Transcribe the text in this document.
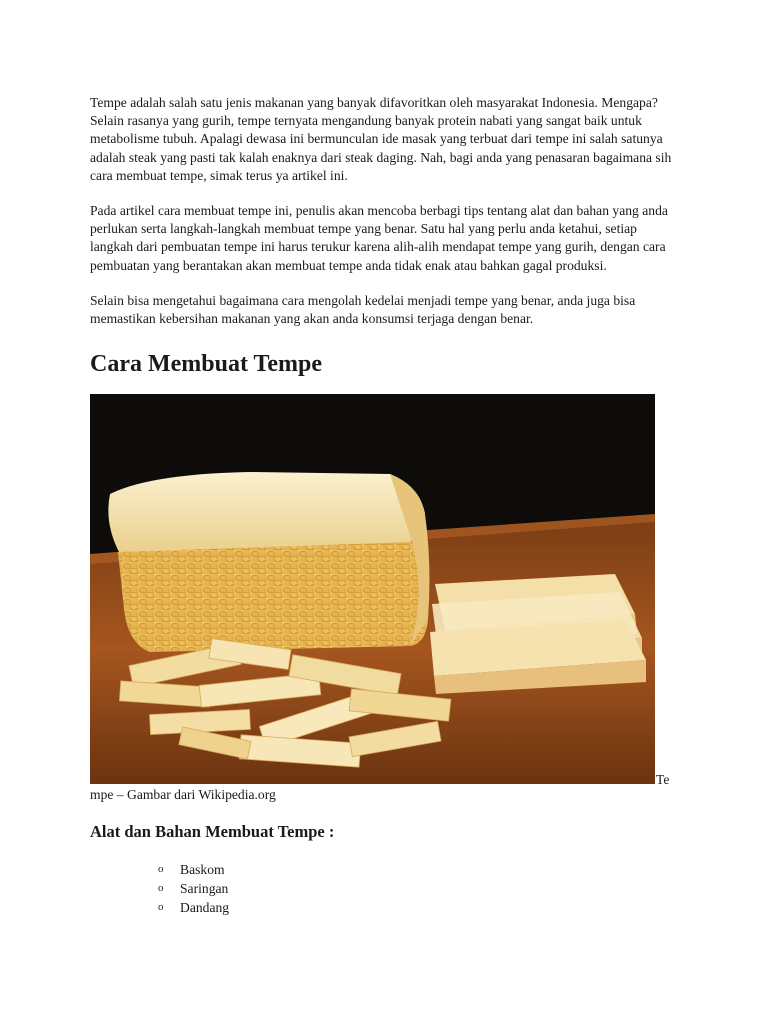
Tempe adalah salah satu jenis makanan yang banyak difavoritkan oleh masyarakat Indonesia. Mengapa? Selain rasanya yang gurih, tempe ternyata mengandung banyak protein nabati yang sangat baik untuk metabolisme tubuh. Apalagi dewasa ini bermunculan ide masak yang terbuat dari tempe ini salah satunya adalah steak yang pasti tak kalah enaknya dari steak daging. Nah, bagi anda yang penasaran bagaimana sih cara membuat tempe, simak terus ya artikel ini.

Pada artikel cara membuat tempe ini, penulis akan mencoba berbagi tips tentang alat dan bahan yang anda perlukan serta langkah-langkah membuat tempe yang benar. Satu hal yang perlu anda ketahui, setiap langkah dari pembuatan tempe ini harus terukur karena alih-alih mendapat tempe yang gurih, dengan cara pembuatan yang berantakan akan membuat tempe anda tidak enak atau bahkan gagal produksi.

Selain bisa mengetahui bagaimana cara mengolah kedelai menjadi tempe yang benar, anda juga bisa memastikan kebersihan makanan yang akan anda konsumsi terjaga dengan benar.

Cara Membuat Tempe
Te
mpe – Gambar dari Wikipedia.org
Alat dan Bahan Membuat Tempe :
o	Baskom
o	Saringan
o	Dandang
